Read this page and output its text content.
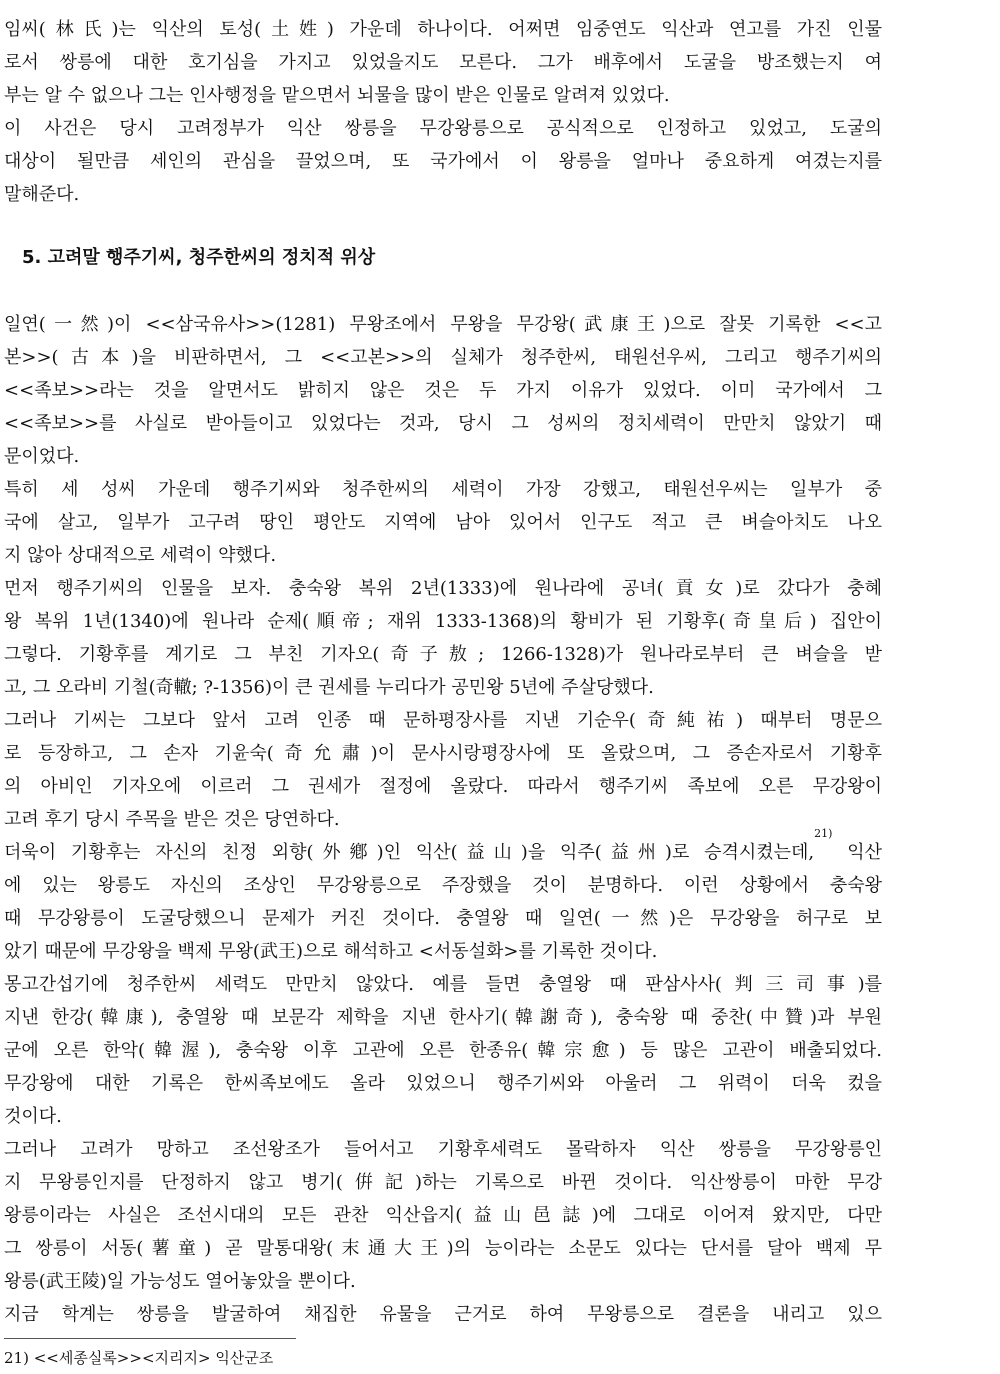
임씨(林氏)는 익산의 토성(土姓) 가운데 하나이다. 어쩌면 임중연도 익산과 연고를 가진 인물
로서 쌍릉에 대한 호기심을 가지고 있었을지도 모른다. 그가 배후에서 도굴을 방조했는지 여
부는 알 수 없으나 그는 인사행정을 맡으면서 뇌물을 많이 받은 인물로 알려져 있었다.
이 사건은 당시 고려정부가 익산 쌍릉을 무강왕릉으로 공식적으로 인정하고 있었고, 도굴의
대상이 될만큼 세인의 관심을 끌었으며, 또 국가에서 이 왕릉을 얼마나 중요하게 여겼는지를
말해준다.
5. 고려말 행주기씨, 청주한씨의 정치적 위상
일연(一然)이 <<삼국유사>>(1281) 무왕조에서 무왕을 무강왕(武康王)으로 잘못 기록한 <<고
본>>(古本)을 비판하면서, 그 <<고본>>의 실체가 청주한씨, 태원선우씨, 그리고 행주기씨의
<<족보>>라는 것을 알면서도 밝히지 않은 것은 두 가지 이유가 있었다. 이미 국가에서 그
<<족보>>를 사실로 받아들이고 있었다는 것과, 당시 그 성씨의 정치세력이 만만치 않았기 때
문이었다.
특히 세 성씨 가운데 행주기씨와 청주한씨의 세력이 가장 강했고, 태원선우씨는 일부가 중
국에 살고, 일부가 고구려 땅인 평안도 지역에 남아 있어서 인구도 적고 큰 벼슬아치도 나오
지 않아 상대적으로 세력이 약했다.
먼저 행주기씨의 인물을 보자. 충숙왕 복위 2년(1333)에 원나라에 공녀(貢女)로 갔다가 충혜
왕 복위 1년(1340)에 원나라 순제(順帝; 재위 1333-1368)의 황비가 된 기황후(奇皇后) 집안이
그렇다. 기황후를 계기로 그 부친 기자오(奇子敖; 1266-1328)가 원나라로부터 큰 벼슬을 받
고, 그 오라비 기철(奇轍; ?-1356)이 큰 권세를 누리다가 공민왕 5년에 주살당했다.
그러나 기씨는 그보다 앞서 고려 인종 때 문하평장사를 지낸 기순우(奇純祐) 때부터 명문으
로 등장하고, 그 손자 기윤숙(奇允肅)이 문사시랑평장사에 또 올랐으며, 그 증손자로서 기황후
의 아비인 기자오에 이르러 그 권세가 절정에 올랐다. 따라서 행주기씨 족보에 오른 무강왕이
고려 후기 당시 주목을 받은 것은 당연하다.
더욱이 기황후는 자신의 친정 외향(外鄕)인 익산(益山)을 익주(益州)로 승격시켰는데,$^{21)}$ 익산
에 있는 왕릉도 자신의 조상인 무강왕릉으로 주장했을 것이 분명하다. 이런 상황에서 충숙왕
때 무강왕릉이 도굴당했으니 문제가 커진 것이다. 충열왕 때 일연(一然)은 무강왕을 허구로 보
았기 때문에 무강왕을 백제 무왕(武王)으로 해석하고 <서동설화>를 기록한 것이다.
몽고간섭기에 청주한씨 세력도 만만치 않았다. 예를 들면 충열왕 때 판삼사사(判三司事)를
지낸 한강(韓康), 충열왕 때 보문각 제학을 지낸 한사기(韓謝奇), 충숙왕 때 중찬(中贊)과 부원
군에 오른 한악(韓渥), 충숙왕 이후 고관에 오른 한종유(韓宗愈) 등 많은 고관이 배출되었다.
무강왕에 대한 기록은 한씨족보에도 올라 있었으니 행주기씨와 아울러 그 위력이 더욱 컸을
것이다.
그러나 고려가 망하고 조선왕조가 들어서고 기황후세력도 몰락하자 익산 쌍릉을 무강왕릉인
지 무왕릉인지를 단정하지 않고 병기(倂記)하는 기록으로 바뀐 것이다. 익산쌍릉이 마한 무강
왕릉이라는 사실은 조선시대의 모든 관찬 익산읍지(益山邑誌)에 그대로 이어져 왔지만, 다만
그 쌍릉이 서동(薯童) 곧 말통대왕(末通大王)의 능이라는 소문도 있다는 단서를 달아 백제 무
왕릉(武王陵)일 가능성도 열어놓았을 뿐이다.
지금 학계는 쌍릉을 발굴하여 채집한 유물을 근거로 하여 무왕릉으로 결론을 내리고 있으
21) <<세종실록>><지리지> 익산군조
